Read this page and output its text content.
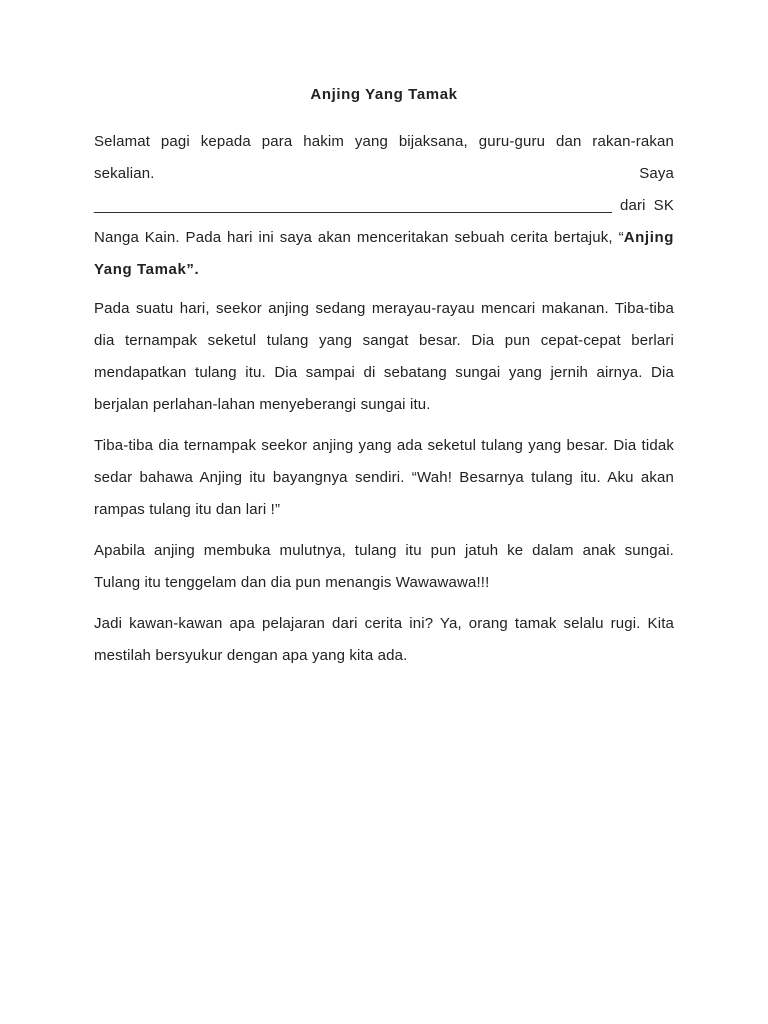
Anjing Yang Tamak

Selamat pagi kepada para hakim yang bijaksana, guru-guru dan rakan-rakan sekalian.	Saya_____________________________________________________________ dari SK Nanga Kain. Pada hari ini saya akan menceritakan sebuah cerita bertajuk, “Anjing Yang Tamak”.

Pada suatu hari, seekor anjing sedang merayau-rayau mencari makanan. Tiba-tiba dia ternampak seketul tulang yang sangat besar. Dia pun cepat-cepat berlari mendapatkan tulang itu. Dia sampai di sebatang sungai yang jernih airnya. Dia berjalan perlahan-lahan menyeberangi sungai itu.

Tiba-tiba dia ternampak seekor anjing yang ada seketul tulang yang besar. Dia tidak sedar bahawa Anjing itu bayangnya sendiri. “Wah! Besarnya tulang itu. Aku akan rampas tulang itu dan lari !”

Apabila anjing membuka mulutnya, tulang itu pun jatuh ke dalam anak sungai. Tulang itu tenggelam dan dia pun menangis Wawawawa!!!

Jadi kawan-kawan apa pelajaran dari cerita ini? Ya, orang tamak selalu rugi. Kita mestilah bersyukur dengan apa yang kita ada.
